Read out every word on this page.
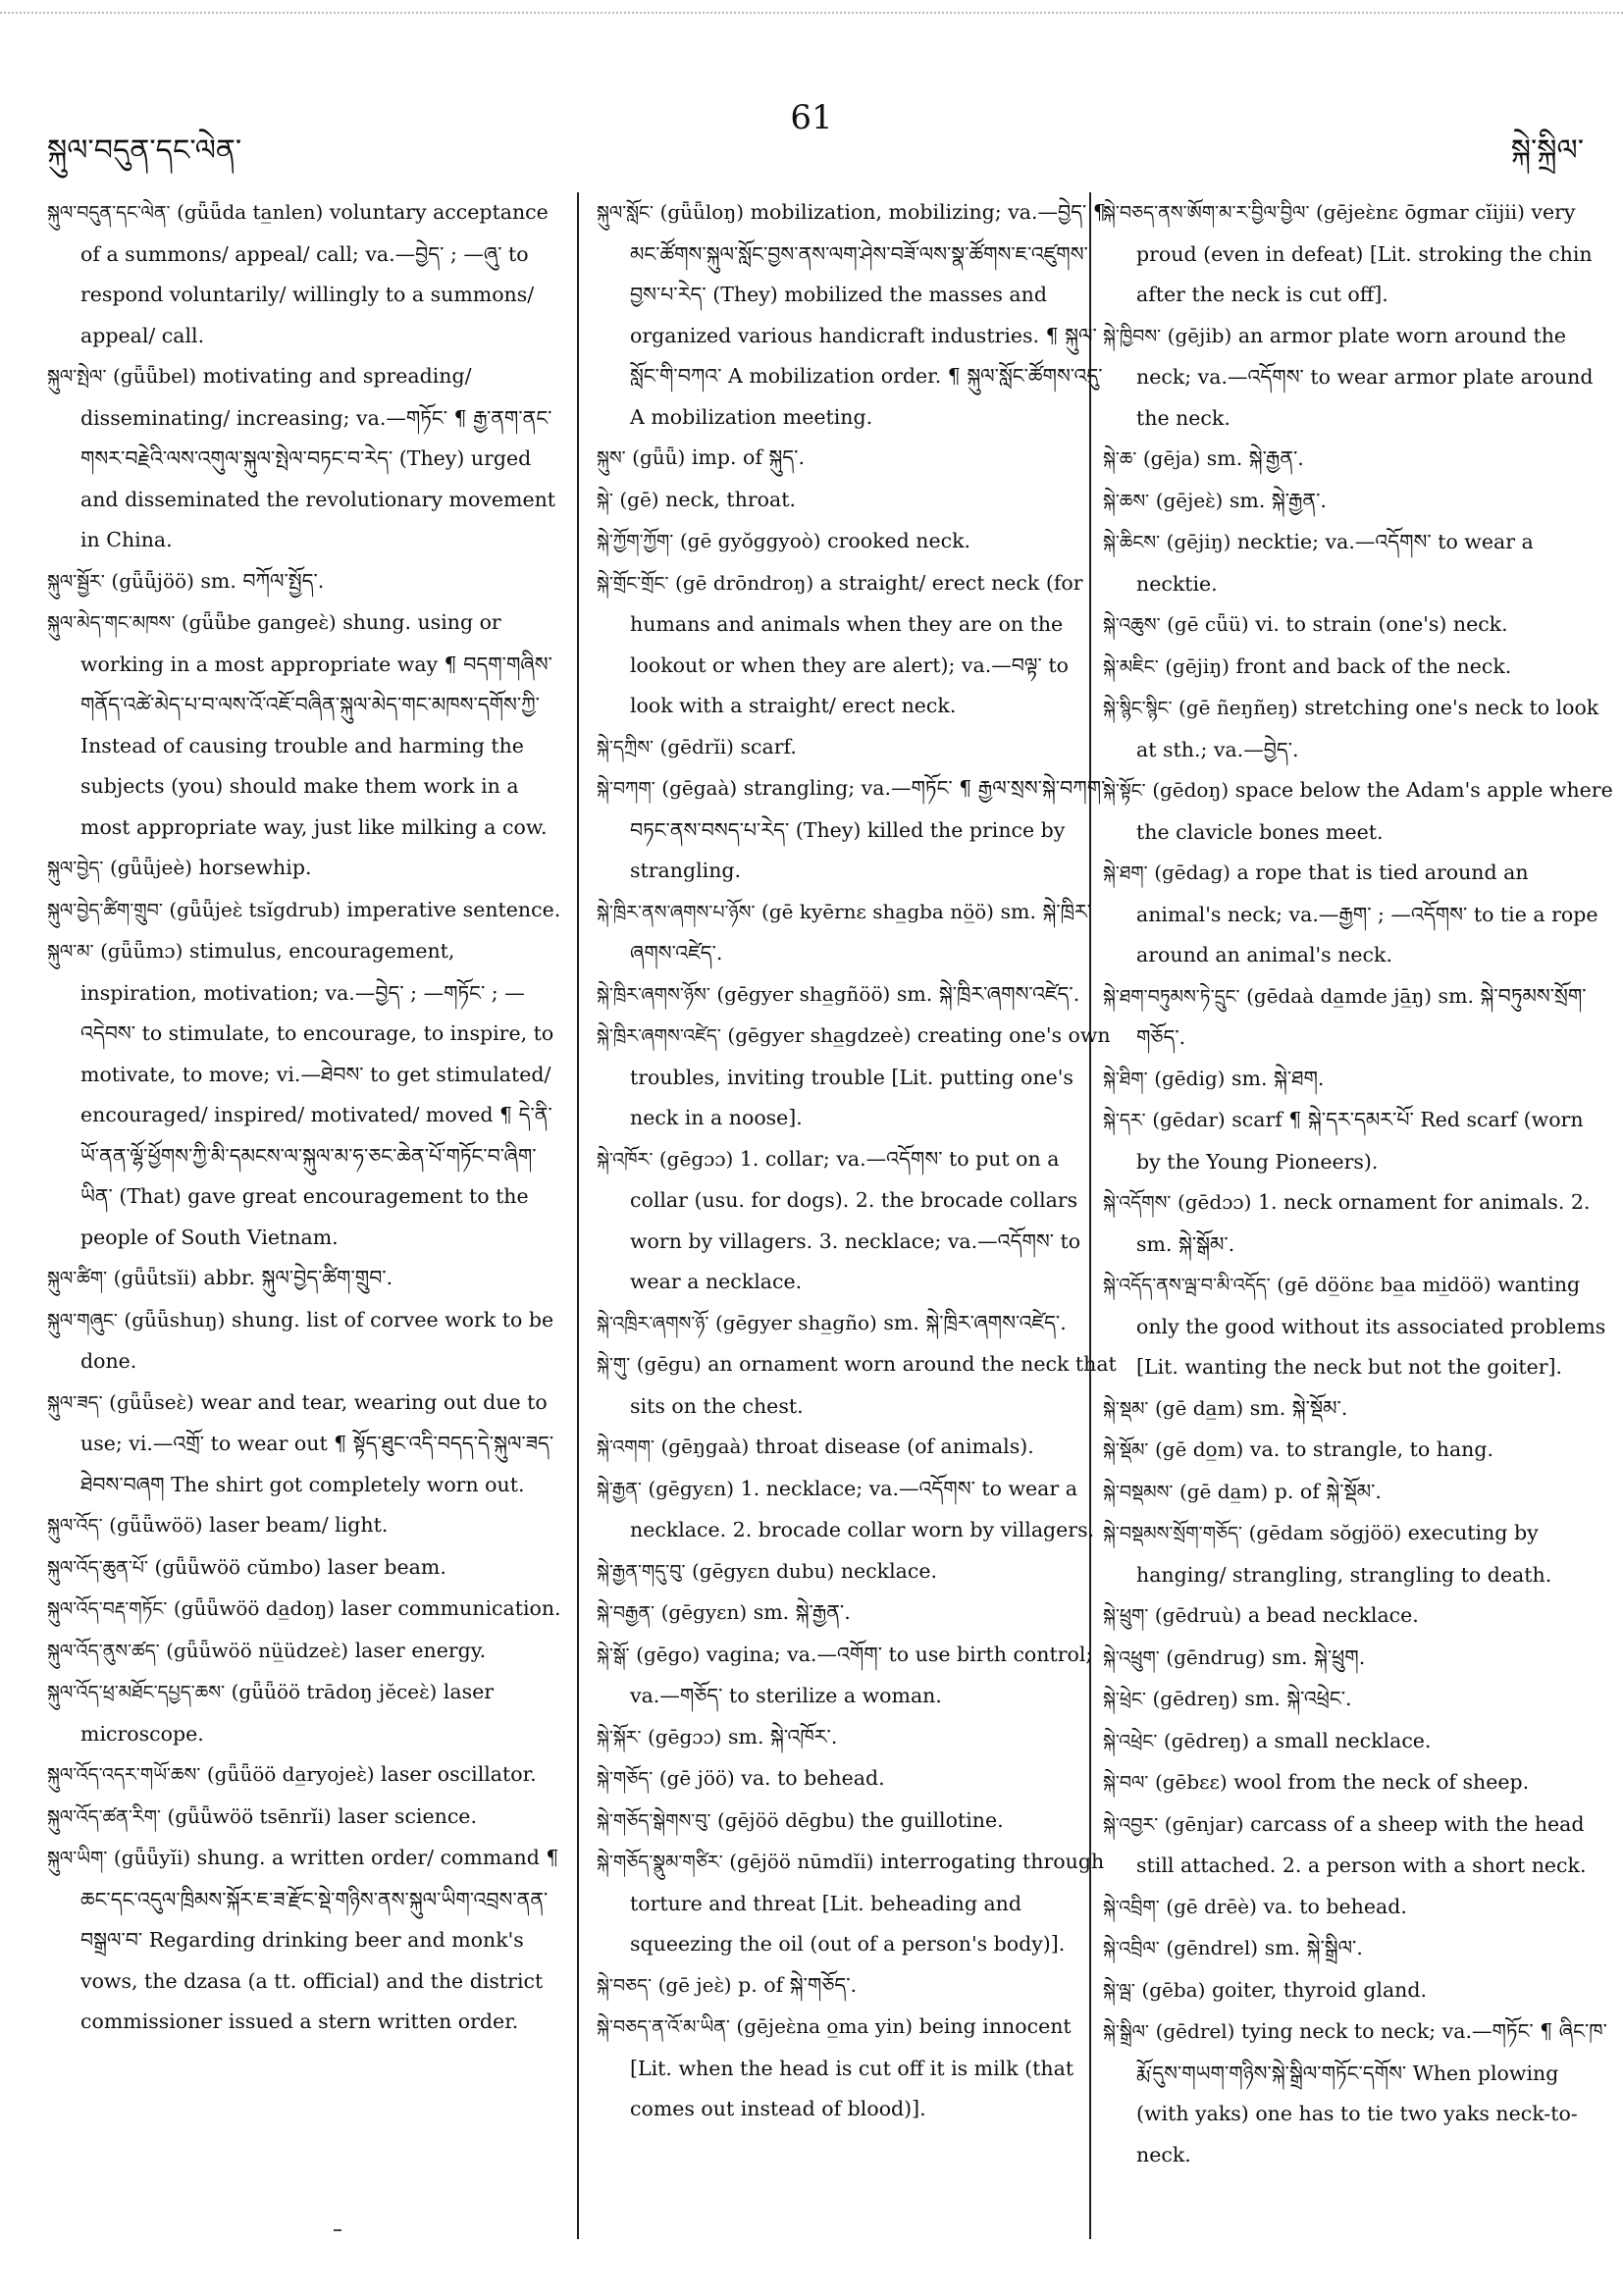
སྐུལ་བདུན་དང་ལེན་
61
སྐེ་སྐྲིལ་

སྐུལ་བདུན་དང་ལེན་ (gǖǖda ta̲nlen) voluntary acceptance of a summons/ appeal/ call; va.—བྱེད་ ; —ཞུ་ to respond voluntarily/ willingly to a summons/ appeal/ call.

སྐུལ་སྤེལ་ (gǖǖbel) motivating and spreading/ disseminating/ increasing; va.—གཏོང་ ¶ རྒྱ་ནག་ནང་གསར་བརྗེའི་ལས་འགུལ་སྐུལ་སྤེལ་བཏང་བ་རེད་ (They) urged and disseminated the revolutionary movement in China.

སྐུལ་སྦྱོར་ (gǖǖjöö) sm. བཀོལ་སྤྱོད་.

སྐུལ་མེད་གང་མཁས་ (gǖǖbe gangeɛ̀) shung. using or working in a most appropriate way ¶ བདག་གཞིས་གནོད་འཚེ་མེད་པ་བ་ལས་འོ་འཇོ་བཞིན་སྐུལ་མེད་གང་མཁས་དགོས་ཀྱི་ Instead of causing trouble and harming the subjects (you) should make them work in a most appropriate way, just like milking a cow.

སྐུལ་བྱེད་ (gǖǖjeè) horsewhip.

སྐུལ་བྱེད་ཚིག་གྲུབ་ (gǖǖjeɛ̀ tsĭgdrub) imperative sentence.

སྐུལ་མ་ (gǖǖmɔ) stimulus, encouragement, inspiration, motivation; va.—བྱེད་ ; —གཏོང་ ; —འདེབས་ to stimulate, to encourage, to inspire, to motivate, to move; vi.—ཐེབས་ to get stimulated/ encouraged/ inspired/ motivated/ moved ¶ དེ་ནི་ཡོ་ནན་ལྷོ་ཕྱོགས་ཀྱི་མི་དམངས་ལ་སྐུལ་མ་ཧ་ཅང་ཆེན་པོ་གཏོང་བ་ཞིག་ཡིན་ (That) gave great encouragement to the people of South Vietnam.

སྐུལ་ཚིག་ (gǖǖtsĭi) abbr. སྐུལ་བྱེད་ཚིག་གྲུབ་.

སྐུལ་གཞུང་ (gǖǖshuŋ) shung. list of corvee work to be done.

སྐུལ་ཟད་ (gǖǖseɛ̀) wear and tear, wearing out due to use; vi.—འགྲོ་ to wear out ¶ སྟོད་ཐུང་འདི་བདད་དེ་སྐུལ་ཟད་ཐེབས་བཞག The shirt got completely worn out.

སྐུལ་འོད་ (gǖǖwöö) laser beam/ light.

སྐུལ་འོད་ཆུན་པོ་ (gǖǖwöö cŭmbo) laser beam.

སྐུལ་འོད་བརྡ་གཏོང་ (gǖǖwöö da̲doŋ) laser communication.

སྐུལ་འོད་ནུས་ཚད་ (gǖǖwöö nü̲üdzeɛ̀) laser energy.

སྐུལ་འོད་ཕྲ་མཐོང་དཔྱད་ཆས་ (gǖǖöö trādoŋ jĕceɛ̀) laser microscope.

སྐུལ་འོད་འདར་གཡོ་ཆས་ (gǖǖöö da̲ryojeɛ̀) laser oscillator.

སྐུལ་འོད་ཚན་རིག་ (gǖǖwöö tsēnrĭi) laser science.

སྐུལ་ཡིག་ (gǖǖyĭi) shung. a written order/ command ¶ ཆང་དང་འདུལ་ཁྲིམས་སྐོར་ཇ་ཟ་རྫོང་སྡེ་གཉིས་ནས་སྐུལ་ཡིག་འབྲས་ནན་བསྒྲལ་བ་ Regarding drinking beer and monk's vows, the dzasa (a tt. official) and the district commissioner issued a stern written order.

སྐུལ་སློང་ (gǖǖloŋ) mobilization, mobilizing; va.—བྱེད་ ¶ མང་ཚོགས་སྐུལ་སློང་བྱས་ནས་ལག་ཤེས་བཟོ་ལས་སྣ་ཚོགས་ཇ་འཛུགས་བྱས་པ་རེད་ (They) mobilized the masses and organized various handicraft industries. ¶ སྐུལ་སློང་གི་བཀའ་ A mobilization order. ¶ སྐུལ་སློང་ཚོགས་འདུ་ A mobilization meeting.

སྐུས་ (gǖǖ) imp. of སྐུད་.

སྐེ་ (gē) neck, throat.

སྐེ་ཀྱོག་ཀྱོག་ (gē gyŏggyoò) crooked neck.

སྐེ་གྲོང་གྲོང་ (gē drōndroŋ) a straight/ erect neck (for humans and animals when they are on the lookout or when they are alert); va.—བལྟ་ to look with a straight/ erect neck.

སྐེ་དཀྲིས་ (gēdrĭi) scarf.

སྐེ་བཀག་ (gēgaà) strangling; va.—གཏོང་ ¶ རྒྱལ་སྲས་སྐེ་བཀག་བཏང་ནས་བསད་པ་རེད་ (They) killed the prince by strangling.

སྐེ་ཁྲིར་ནས་ཞགས་པ་ཉོས་ (gē kyērnɛ sha̲gba nö̲ö) sm. སྐེ་ཁྲིར་ཞགས་འཛེད་.

སྐེ་ཁྲིར་ཞགས་ཉོས་ (gēgyer sha̲gñöö) sm. སྐེ་ཁྲིར་ཞགས་འཛེད་.

སྐེ་ཁྲིར་ཞགས་འཛེད་ (gēgyer sha̲gdzeè) creating one's own troubles, inviting trouble [Lit. putting one's neck in a noose].

སྐེ་འཁོར་ (gēgɔɔ) 1. collar; va.—འདོགས་ to put on a collar (usu. for dogs). 2. the brocade collars worn by villagers. 3. necklace; va.—འདོགས་ to wear a necklace.

སྐེ་འཁྲིར་ཞགས་ཉོ་ (gēgyer sha̲gño) sm. སྐེ་ཁྲིར་ཞགས་འཛེད་.

སྐེ་གུ་ (gēgu) an ornament worn around the neck that sits on the chest.

སྐེ་འགག་ (gēŋgaà) throat disease (of animals).

སྐེ་རྒྱན་ (gēgyɛn) 1. necklace; va.—འདོགས་ to wear a necklace. 2. brocade collar worn by villagers.

སྐེ་རྒྱན་གདུ་བུ་ (gēgyɛn dubu) necklace.

སྐེ་བརྒྱན་ (gēgyɛn) sm. སྐེ་རྒྱན་.

སྐེ་སྒོ་ (gēgo) vagina; va.—འགོག་ to use birth control; va.—གཅོད་ to sterilize a woman.

སྐེ་སྐོར་ (gēgɔɔ) sm. སྐེ་འཁོར་.

སྐེ་གཅོད་ (gē jöö) va. to behead.

སྐེ་གཅོད་སྒེགས་བུ་ (gējöö dēgbu) the guillotine.

སྐེ་གཅོད་སྣུམ་གཙིར་ (gējöö nūmdĭi) interrogating through torture and threat [Lit. beheading and squeezing the oil (out of a person's body)].

སྐེ་བཅད་ (gē jeɛ̀) p. of སྐེ་གཅོད་.

སྐེ་བཅད་ན་འོ་མ་ཡིན་ (gējeɛ̀na o̲ma yin) being innocent [Lit. when the head is cut off it is milk (that comes out instead of blood)].

སྐེ་བཅད་ནས་ཨོག་མ་ར་བྱིལ་བྱིལ་ (gējeɛ̀nɛ ōgmar cĭijii) very proud (even in defeat) [Lit. stroking the chin after the neck is cut off].

སྐེ་ཁྱིབས་ (gējib) an armor plate worn around the neck; va.—འདོགས་ to wear armor plate around the neck.

སྐེ་ཆ་ (gēja) sm. སྐེ་རྒྱན་.

སྐེ་ཆས་ (gējeɛ̀) sm. སྐེ་རྒྱན་.

སྐེ་ཆིངས་ (gējiŋ) necktie; va.—འདོགས་ to wear a necktie.

སྐེ་འཆུས་ (gē cǖü) vi. to strain (one's) neck.

སྐེ་མཇིང་ (gējiŋ) front and back of the neck.

སྐེ་སྙིང་སྙིང་ (gē ñeŋñeŋ) stretching one's neck to look at sth.; va.—བྱེད་.

སྐེ་སྟོང་ (gēdoŋ) space below the Adam's apple where the clavicle bones meet.

སྐེ་ཐག་ (gēdag) a rope that is tied around an animal's neck; va.—རྒྱག་ ; —འདོགས་ to tie a rope around an animal's neck.

སྐེ་ཐག་བཏུམས་ཏེ་དྲུང་ (gēdaà da̲mde jā̲ŋ) sm. སྐེ་བཏུམས་སྲོག་གཅོད་.

སྐེ་ཐིག་ (gēdig) sm. སྐེ་ཐག.

སྐེ་དར་ (gēdar) scarf ¶ སྐེ་དར་དམར་པོ་ Red scarf (worn by the Young Pioneers).

སྐེ་འདོགས་ (gēdɔɔ) 1. neck ornament for animals. 2. sm. སྐེ་སྒོམ་.

སྐེ་འདོད་ནས་ལྦ་བ་མི་འདོད་ (gē dö̲önɛ ba̲a mi̲döö) wanting only the good without its associated problems [Lit. wanting the neck but not the goiter].

སྐེ་སྡམ་ (gē da̲m) sm. སྐེ་སྡོམ་.

སྐེ་སྡོམ་ (gē do̲m) va. to strangle, to hang.

སྐེ་བསྡམས་ (gē da̲m) p. of སྐེ་སྡོམ་.

སྐེ་བསྡམས་སྲོག་གཅོད་ (gēdam sŏgjöö) executing by hanging/ strangling, strangling to death.

སྐེ་ཕྲུག་ (gēdruù) a bead necklace.

སྐེ་འཕྲུག་ (gēndrug) sm. སྐེ་ཕྲུག.

སྐེ་ཕྲེང་ (gēdreŋ) sm. སྐེ་འཕྲེང་.

སྐེ་འཕྲེང་ (gēdreŋ) a small necklace.

སྐེ་བལ་ (gēbɛɛ) wool from the neck of sheep.

སྐེ་འབྱར་ (gēnjar) carcass of a sheep with the head still attached. 2. a person with a short neck.

སྐེ་འབྲིག་ (gē drēè) va. to behead.

སྐེ་འབྲིལ་ (gēndrel) sm. སྐེ་སྒྲིལ་.

སྐེ་ལྦ་ (gēba) goiter, thyroid gland.

སྐེ་སྒྲིལ་ (gēdrel) tying neck to neck; va.—གཏོང་ ¶ ཞིང་ཁ་རྨོ་དུས་གཡག་གཉིས་སྐེ་སྒྲིལ་གཏོང་དགོས་ When plowing (with yaks) one has to tie two yaks neck-to-neck.
